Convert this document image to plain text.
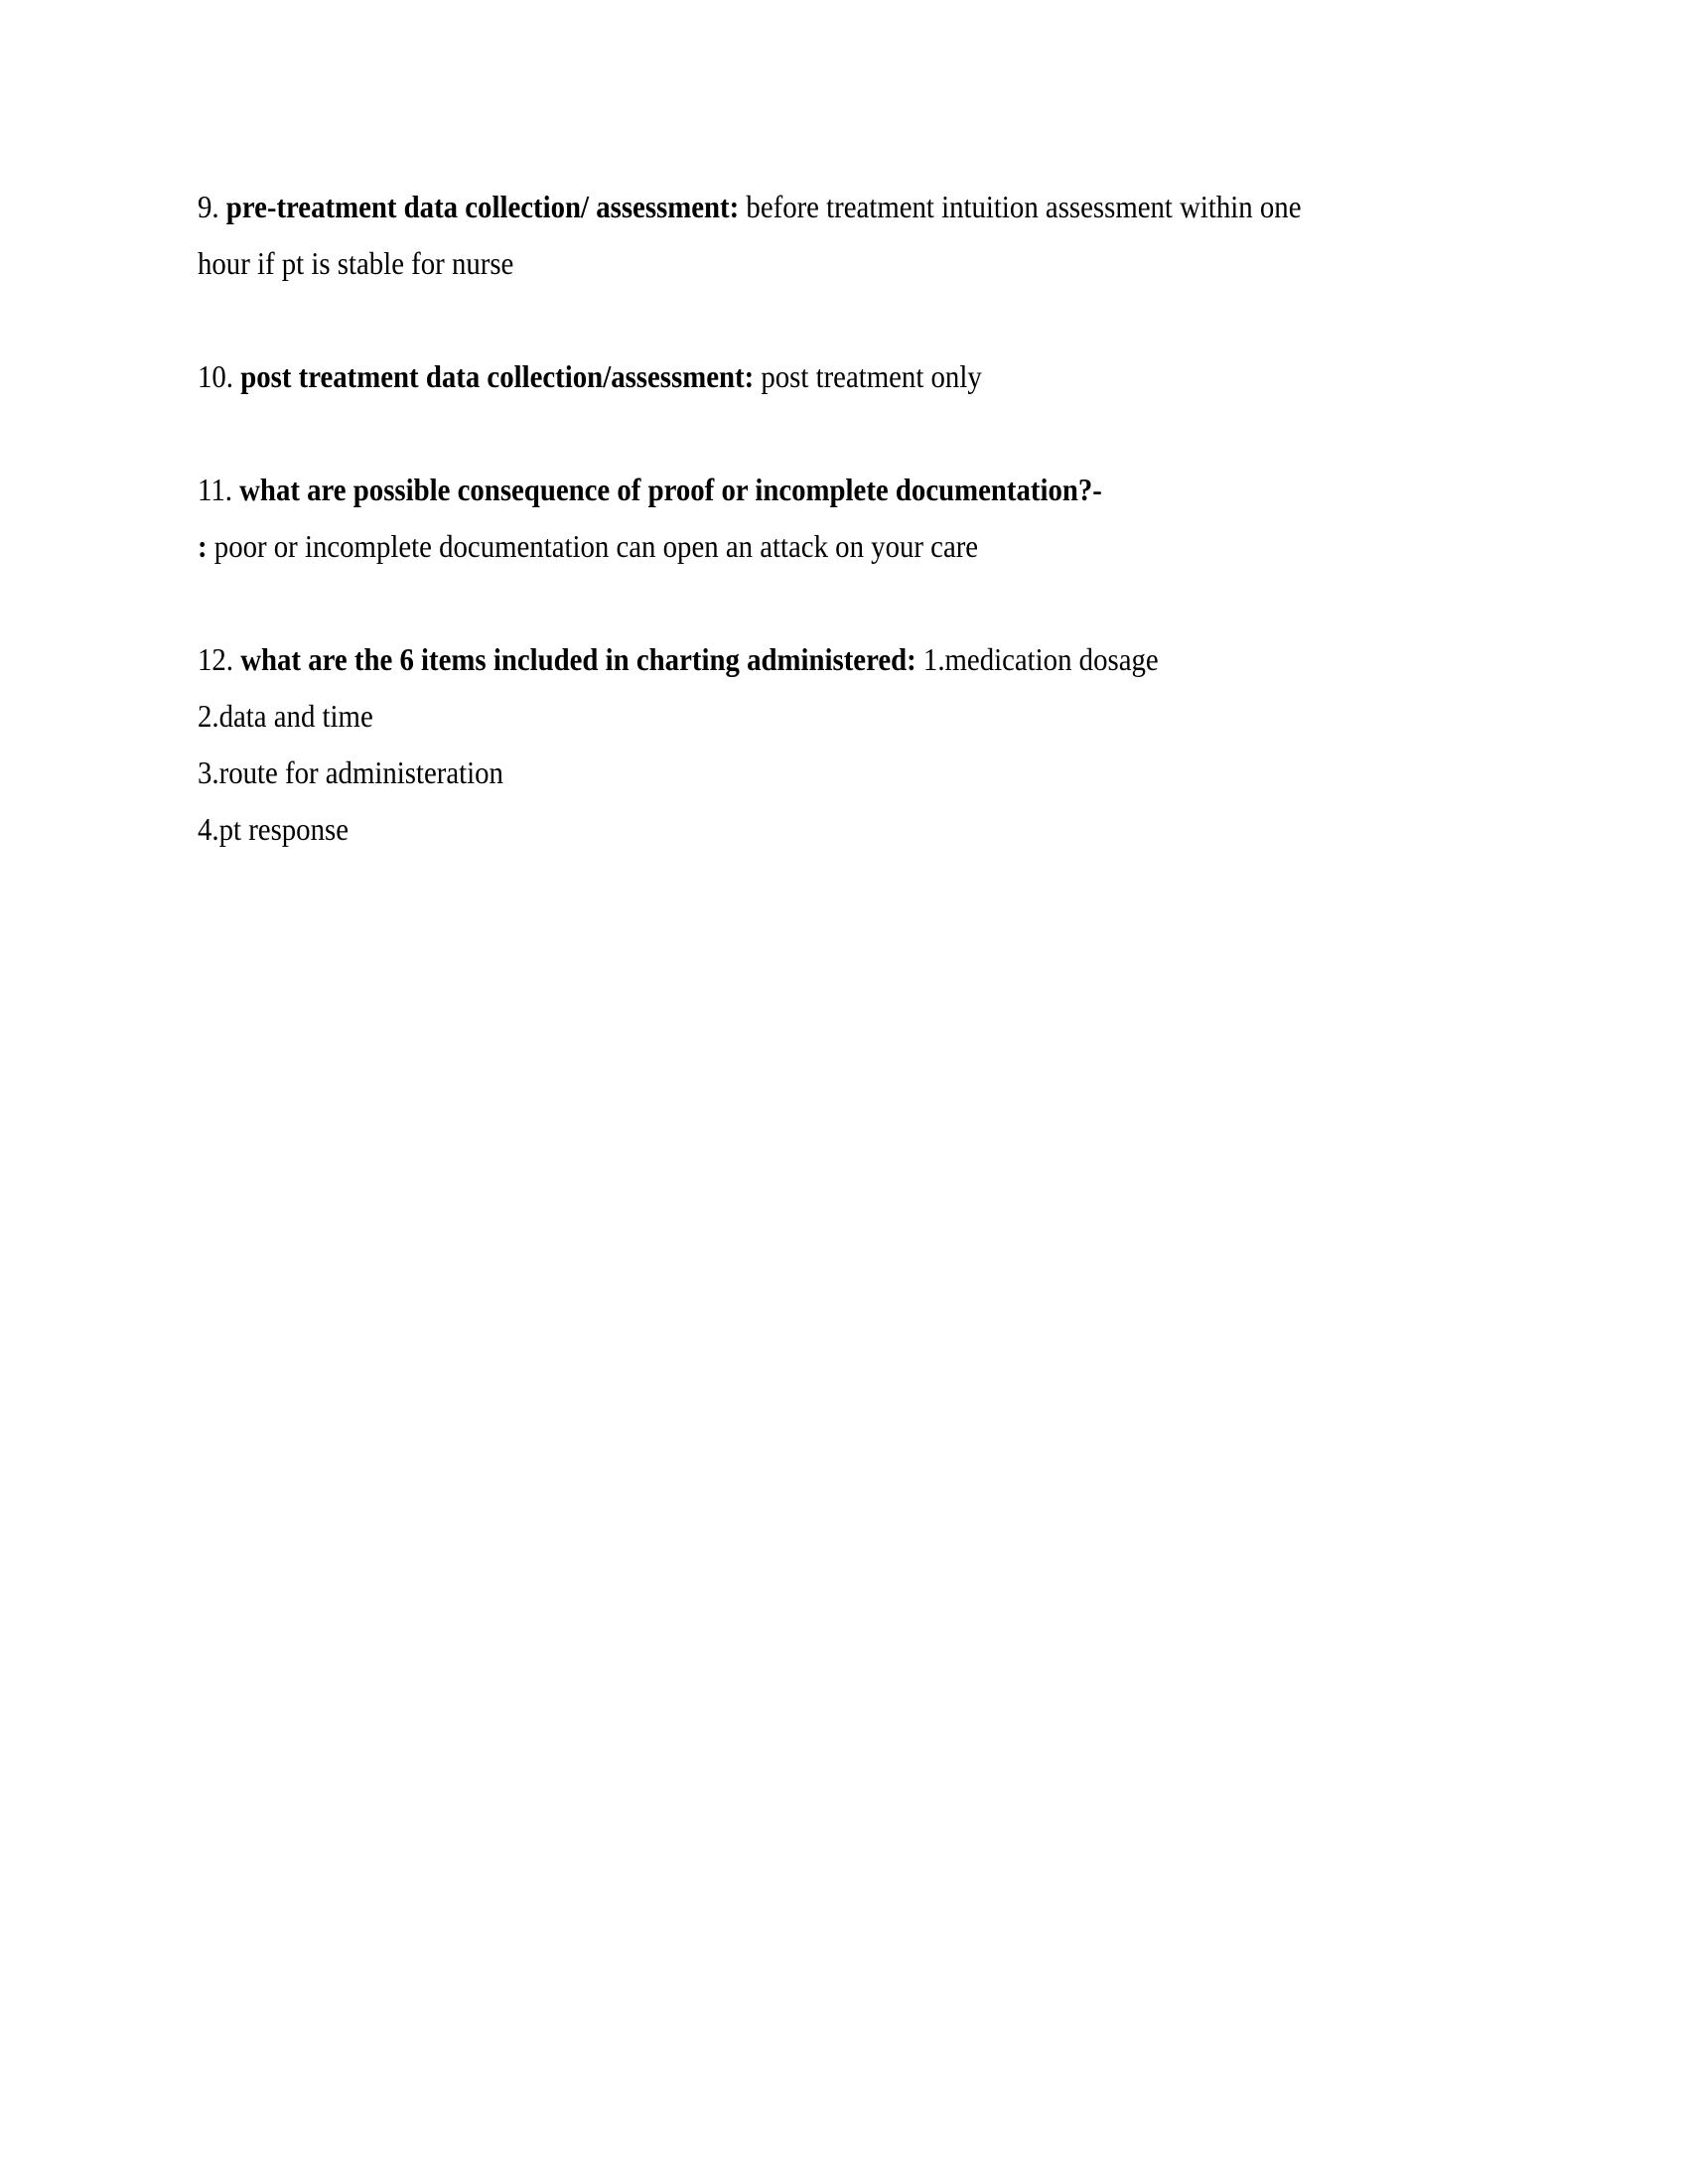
9. pre-treatment data collection/ assessment: before treatment intuition assessment within one
hour if pt is stable for nurse
10. post treatment data collection/assessment: post treatment only
11. what are possible consequence of proof or incomplete documentation?-
: poor or incomplete documentation can open an attack on your care
12. what are the 6 items included in charting administered: 1.medication dosage
2.data and time
3.route for administeration
4.pt response
